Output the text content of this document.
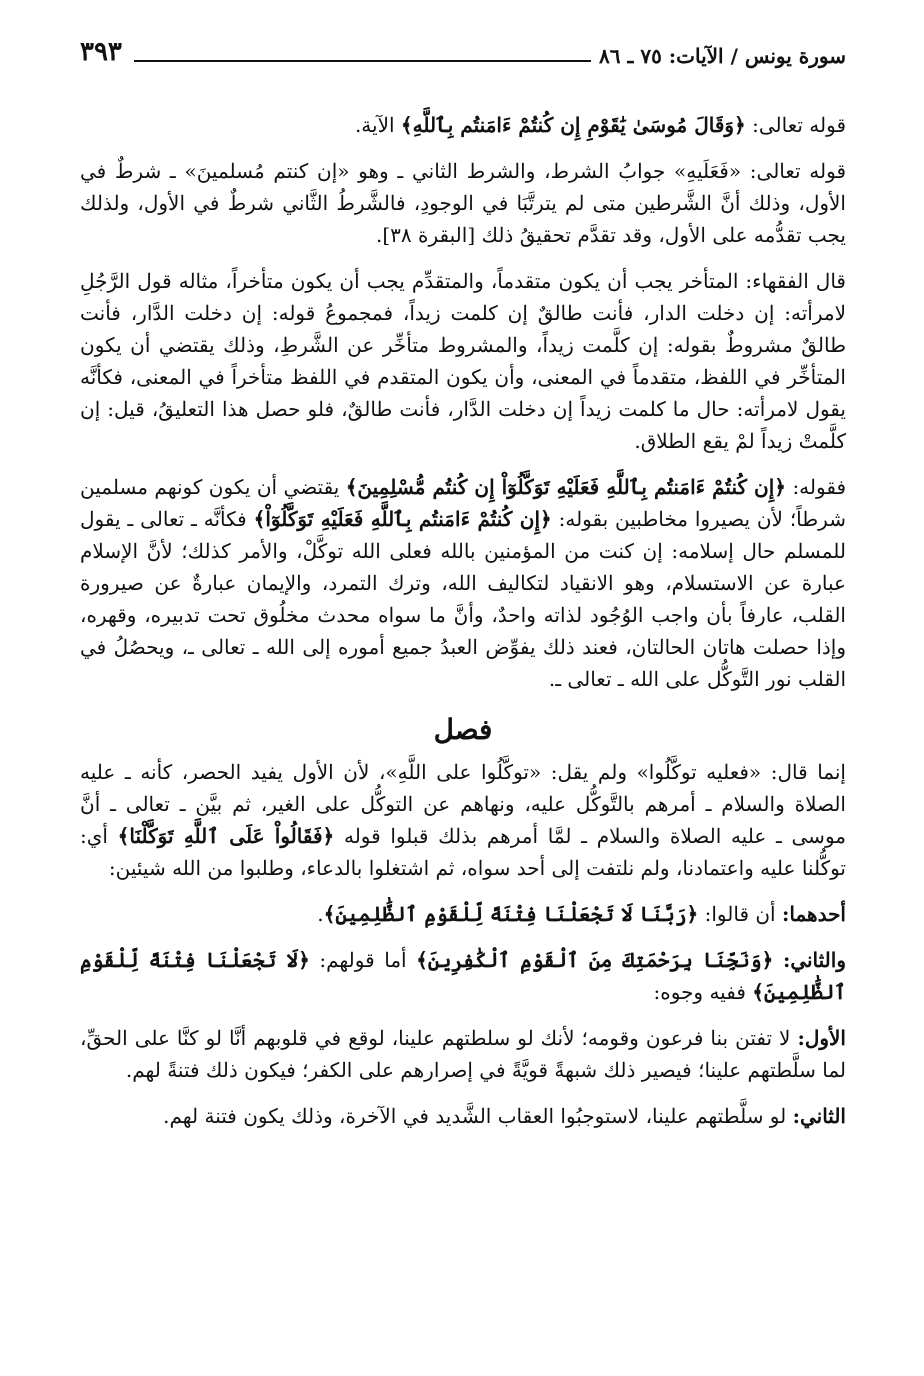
سورة يونس / الآيات: ٧٥ ـ ٨٦
٣٩٣

قوله تعالى: ﴿وَقَالَ مُوسَىٰ يَٰقَوْمِ إِن كُنتُمْ ءَامَنتُم بِٱللَّهِ﴾ الآية.

قوله تعالى: «فَعَلَيهِ» جوابُ الشرط، والشرط الثاني ـ وهو «إن كنتم مُسلمينَ» ـ شرطٌ في الأول، وذلك أنَّ الشَّرطين متى لم يترتَّبَا في الوجودِ، فالشَّرطُ الثَّاني شرطٌ في الأول، ولذلك يجب تقدُّمه على الأول، وقد تقدَّم تحقيقُ ذلك [البقرة ٣٨].

قال الفقهاء: المتأخر يجب أن يكون متقدماً، والمتقدِّم يجب أن يكون متأخراً، مثاله قول الرَّجُلِ لامرأته: إن دخلت الدار، فأنت طالقٌ إن كلمت زيداً، فمجموعُ قوله: إن دخلت الدَّار، فأنت طالقٌ مشروطٌ بقوله: إن كلَّمت زيداً، والمشروط متأخِّر عن الشَّرطِ، وذلك يقتضي أن يكون المتأخِّر في اللفظ، متقدماً في المعنى، وأن يكون المتقدم في اللفظ متأخراً في المعنى، فكأنَّه يقول لامرأته: حال ما كلمت زيداً إن دخلت الدَّار، فأنت طالقٌ، فلو حصل هذا التعليقُ، قيل: إن كلَّمتْ زيداً لمْ يقع الطلاق.

فقوله: ﴿إِن كُنتُمْ ءَامَنتُم بِٱللَّهِ فَعَلَيْهِ تَوَكَّلُوٓاْ إِن كُنتُم مُّسْلِمِينَ﴾ يقتضي أن يكون كونهم مسلمين شرطاً؛ لأن يصيروا مخاطبين بقوله: ﴿إِن كُنتُمْ ءَامَنتُم بِٱللَّهِ فَعَلَيْهِ تَوَكَّلُوٓاْ﴾ فكأنَّه ـ تعالى ـ يقول للمسلم حال إسلامه: إن كنت من المؤمنين بالله فعلى الله توكَّلْ، والأمر كذلك؛ لأنَّ الإسلام عبارة عن الاستسلام، وهو الانقياد لتكاليف الله، وترك التمرد، والإيمان عبارةٌ عن صيرورة القلب، عارفاً بأن واجب الوُجُود لذاته واحدٌ، وأنَّ ما سواه محدث مخلُوق تحت تدبيره، وقهره، وإذا حصلت هاتان الحالتان، فعند ذلك يفوِّض العبدُ جميع أموره إلى الله ـ تعالى ـ، ويحصُلُ في القلب نور التَّوكُّل على الله ـ تعالى ـ.

فصل

إنما قال: «فعليه توكَّلُوا» ولم يقل: «توكَّلُوا على اللَّهِ»، لأن الأول يفيد الحصر، كأنه ـ عليه الصلاة والسلام ـ أمرهم بالتَّوكُّل عليه، ونهاهم عن التوكُّل على الغير، ثم بيَّن ـ تعالى ـ أنَّ موسى ـ عليه الصلاة والسلام ـ لمَّا أمرهم بذلك قبلوا قوله ﴿فَقَالُواْ عَلَى ٱللَّهِ تَوَكَّلْنَا﴾ أي: توكُّلنا عليه واعتمادنا، ولم نلتفت إلى أحد سواه، ثم اشتغلوا بالدعاء، وطلبوا من الله شيئين:

أحدهما: أن قالوا: ﴿رَبَّنَا لَا تَجْعَلْنَا فِتْنَةً لِّلْقَوْمِ ٱلظَّٰلِمِينَ﴾.

والثاني: ﴿وَنَجِّنَا بِرَحْمَتِكَ مِنَ ٱلْقَوْمِ ٱلْكَٰفِرِينَ﴾ أما قولهم: ﴿لَا تَجْعَلْنَا فِتْنَةً لِّلْقَوْمِ ٱلظَّٰلِمِينَ﴾ ففيه وجوه:

الأول: لا تفتن بنا فرعون وقومه؛ لأنك لو سلطتهم علينا، لوقع في قلوبهم أنَّا لو كنَّا على الحقِّ، لما سلَّطتهم علينا؛ فيصير ذلك شبهةً قويَّةً في إصرارهم على الكفر؛ فيكون ذلك فتنةً لهم.

الثاني: لو سلَّطتهم علينا، لاستوجبُوا العقاب الشَّديد في الآخرة، وذلك يكون فتنة لهم.
